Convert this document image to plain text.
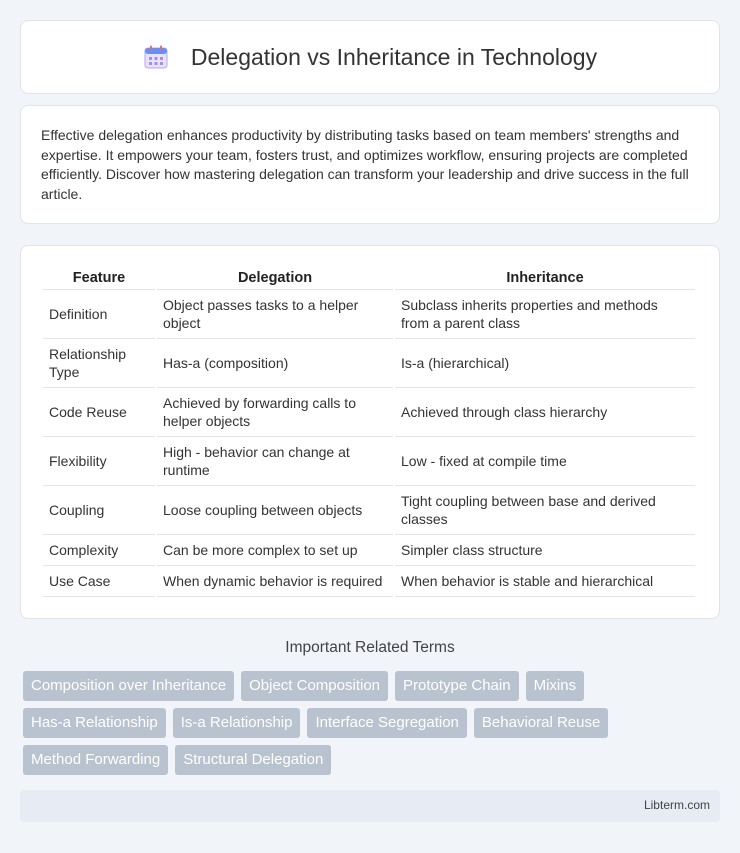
Delegation vs Inheritance in Technology

Effective delegation enhances productivity by distributing tasks based on team members' strengths and expertise. It empowers your team, fosters trust, and optimizes workflow, ensuring projects are completed efficiently. Discover how mastering delegation can transform your leadership and drive success in the full article.

Feature	Delegation	Inheritance
Definition	Object passes tasks to a helper object	Subclass inherits properties and methods from a parent class
Relationship Type	Has-a (composition)	Is-a (hierarchical)
Code Reuse	Achieved by forwarding calls to helper objects	Achieved through class hierarchy
Flexibility	High - behavior can change at runtime	Low - fixed at compile time
Coupling	Loose coupling between objects	Tight coupling between base and derived classes
Complexity	Can be more complex to set up	Simpler class structure
Use Case	When dynamic behavior is required	When behavior is stable and hierarchical
Important Related Terms
Composition over Inheritance	Object Composition	Prototype Chain	Mixins
Has-a Relationship	Is-a Relationship	Interface Segregation	Behavioral Reuse
Method Forwarding	Structural Delegation
Libterm.com
